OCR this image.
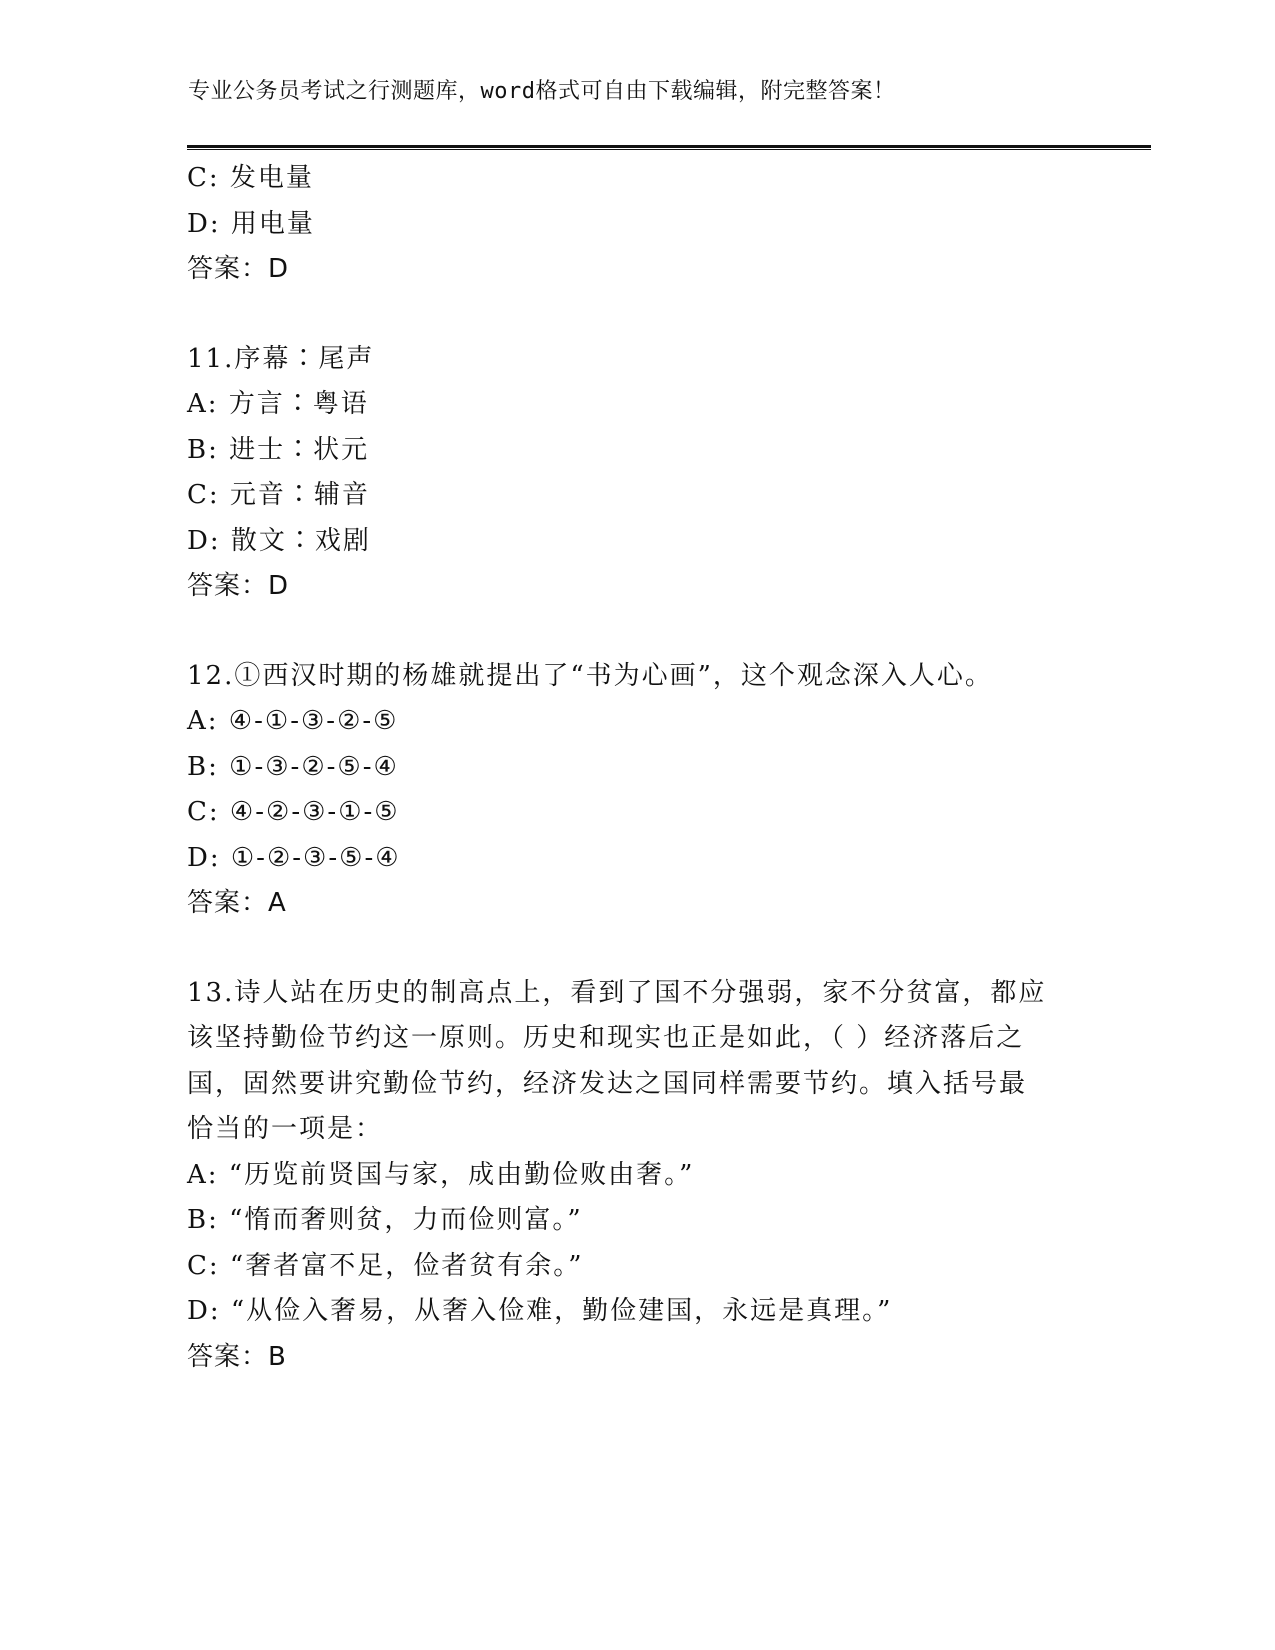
专业公务员考试之行测题库，word格式可自由下载编辑，附完整答案！
C: 发电量
D: 用电量
答案：D
11.序幕∶尾声
A: 方言∶粤语
B: 进士∶状元
C: 元音∶辅音
D: 散文∶戏剧
答案：D
12.①西汉时期的杨雄就提出了“书为心画”，这个观念深入人心。
A: ④-①-③-②-⑤
B: ①-③-②-⑤-④
C: ④-②-③-①-⑤
D: ①-②-③-⑤-④
答案：A
13.诗人站在历史的制高点上，看到了国不分强弱，家不分贫富，都应
该坚持勤俭节约这一原则。历史和现实也正是如此，（ ）经济落后之
国，固然要讲究勤俭节约，经济发达之国同样需要节约。填入括号最
恰当的一项是：
A: “历览前贤国与家，成由勤俭败由奢。”
B: “惰而奢则贫，力而俭则富。”
C: “奢者富不足，俭者贫有余。”
D: “从俭入奢易，从奢入俭难，勤俭建国，永远是真理。”
答案：B
